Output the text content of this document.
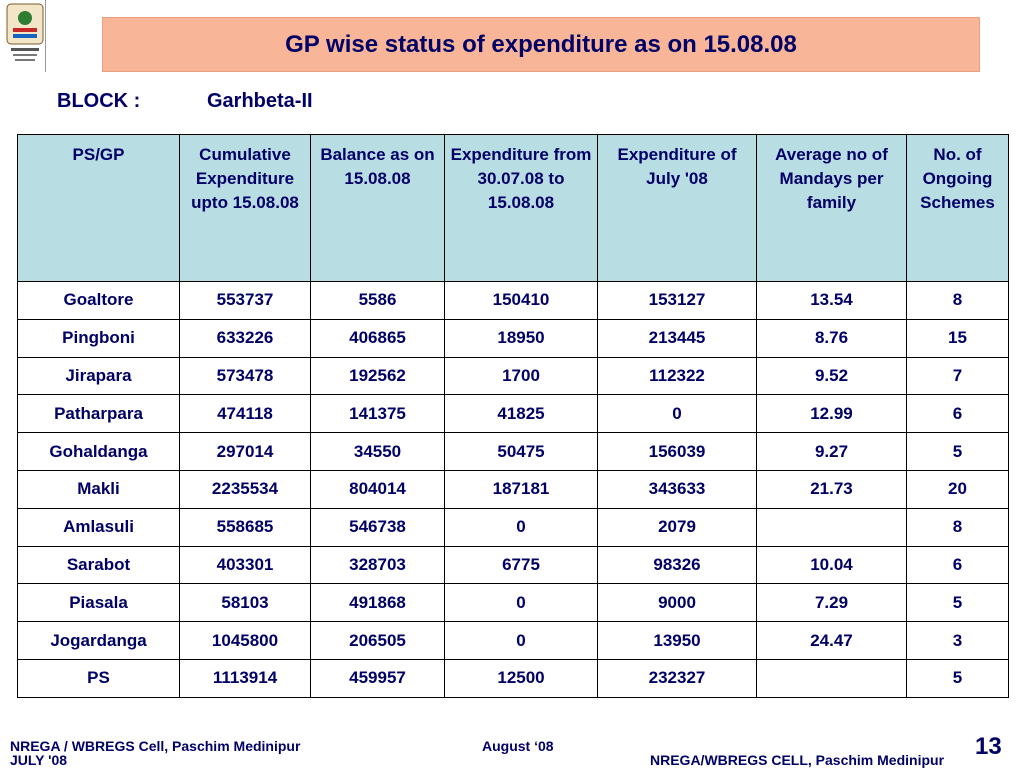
GP wise status of expenditure as on 15.08.08
BLOCK :	Garhbeta-II
PS/GP	Cumulative Expenditure upto 15.08.08	Balance as on 15.08.08	Expenditure from 30.07.08 to 15.08.08	Expenditure of July '08	Average no of Mandays per family	No. of Ongoing Schemes
Goaltore	553737	5586	150410	153127	13.54	8
Pingboni	633226	406865	18950	213445	8.76	15
Jirapara	573478	192562	1700	112322	9.52	7
Patharpara	474118	141375	41825	0	12.99	6
Gohaldanga	297014	34550	50475	156039	9.27	5
Makli	2235534	804014	187181	343633	21.73	20
Amlasuli	558685	546738	0	2079		8
Sarabot	403301	328703	6775	98326	10.04	6
Piasala	58103	491868	0	9000	7.29	5
Jogardanga	1045800	206505	0	13950	24.47	3
PS	1113914	459957	12500	232327		5
NREGA / WBREGS Cell, Paschim Medinipur
JULY '08
August ‘08
NREGA/WBREGS CELL, Paschim Medinipur 13
